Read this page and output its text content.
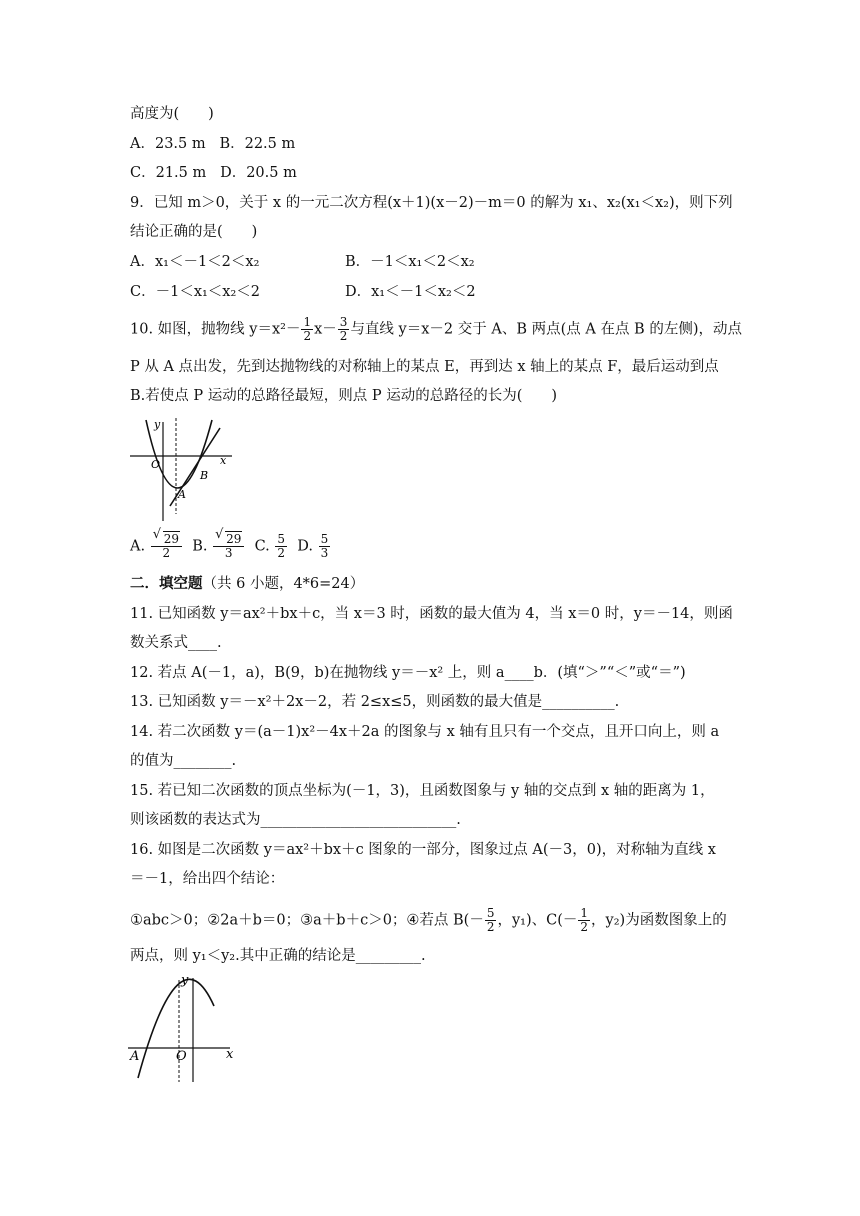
高度为(　　)
A．23.5 m B．22.5 m
C．21.5 m D．20.5 m
9．已知 m＞0，关于 x 的一元二次方程(x＋1)(x－2)－m＝0 的解为 x₁、x₂(x₁＜x₂)，则下列
结论正确的是(　　)
A．x₁＜－1＜2＜x₂	B．－1＜x₁＜2＜x₂
C．－1＜x₁＜x₂＜2	D．x₁＜－1＜x₂＜2
10. 如图，抛物线 $y=x^2- \frac{1}{2} x- \frac{3}{2}$ 与直线 y＝x－2 交于 A、B 两点(点 A 在点 B 的左侧)，动点
P 从 A 点出发，先到达抛物线的对称轴上的某点 E，再到达 x 轴上的某点 F，最后运动到点
B.若使点 P 运动的总路径最短，则点 P 运动的总路径的长为(　　)
y
x
O
B
A
A. √ $\frac{29}{2} B$. √ $\frac{29}{3} C$. $\frac{5}{2} D$. $\frac{5}{3}$
二．填空题（共 6 小题，4*6=24）
11. 已知函数 y＝ax²＋bx＋c，当 x＝3 时，函数的最大值为 4，当 x＝0 时，y＝－14，则函
数关系式____.
12. 若点 A(－1，a)，B(9，b)在抛物线 y＝－x² 上，则 a____b．(填“＞”“＜”或“＝”)
13. 已知函数 y＝－x²＋2x－2，若 2≤x≤5，则函数的最大值是__________.
14. 若二次函数 y＝(a－1)x²－4x＋2a 的图象与 x 轴有且只有一个交点，且开口向上，则 a
的值为________.
15. 若已知二次函数的顶点坐标为(－1，3)，且函数图象与 y 轴的交点到 x 轴的距离为 1，
则该函数的表达式为___________________________.
16. 如图是二次函数 y＝ax²＋bx＋c 图象的一部分，图象过点 A(－3，0)，对称轴为直线 x
＝－1，给出四个结论：
①abc＞0；②2a＋b＝0；③a＋b＋c＞0；④若点 $B(- \frac{5}{2}$ ，y₁)、$C(- \frac{1}{2}$ ，y₂)为函数图象上的
两点，则 y₁＜y₂.其中正确的结论是_________.
y
x
O
A
